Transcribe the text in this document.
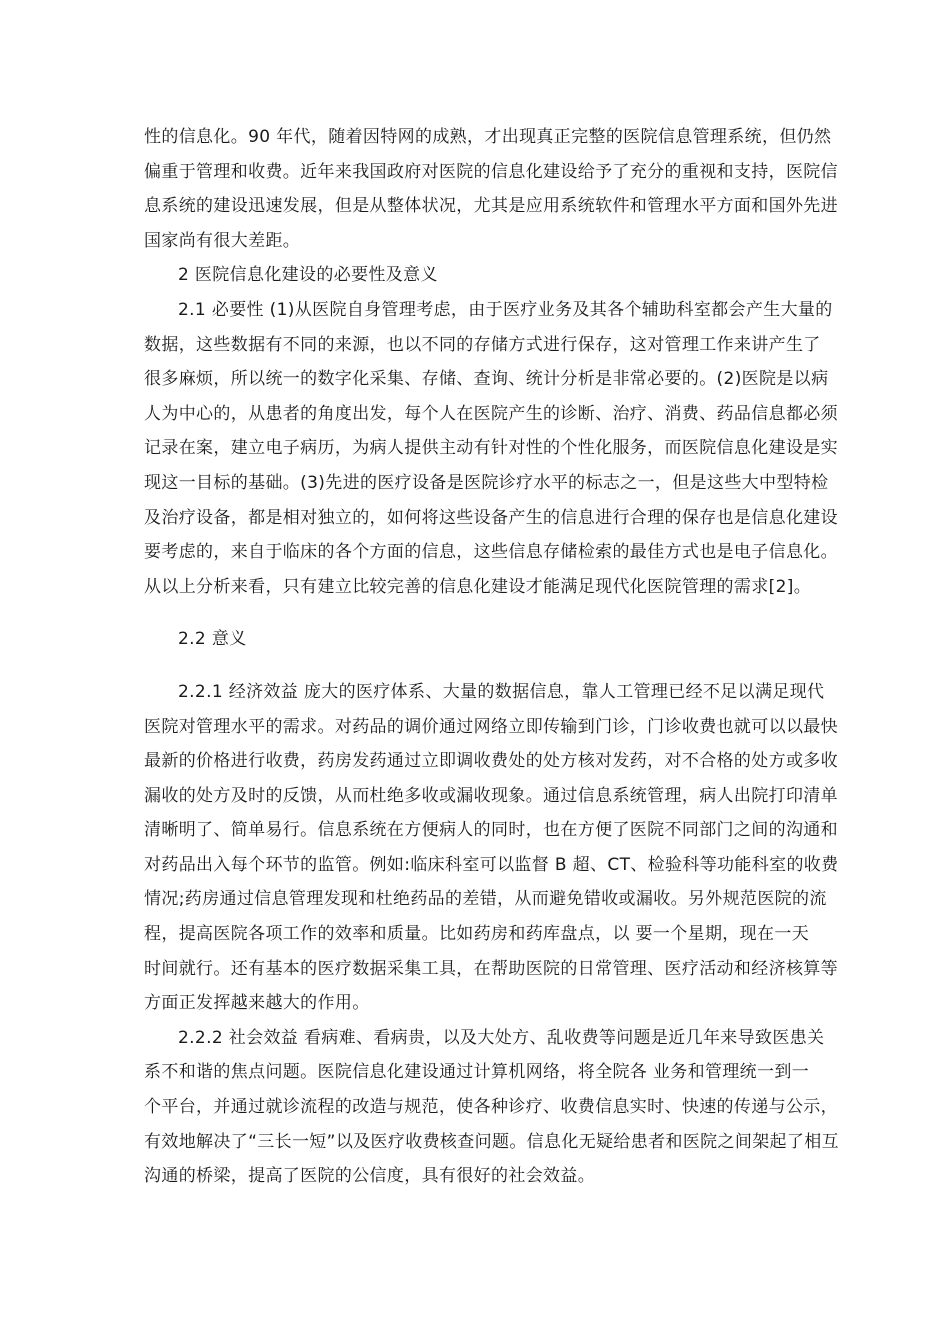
性的信息化。90 年代，随着因特网的成熟，才出现真正完整的医院信息管理系统，但仍然
偏重于管理和收费。近年来我国政府对医院的信息化建设给予了充分的重视和支持，医院信
息系统的建设迅速发展，但是从整体状况，尤其是应用系统软件和管理水平方面和国外先进
国家尚有很大差距。
2 医院信息化建设的必要性及意义
2.1 必要性 (1)从医院自身管理考虑，由于医疗业务及其各个辅助科室都会产生大量的
数据，这些数据有不同的来源，也以不同的存储方式进行保存，这对管理工作来讲产生了
很多麻烦，所以统一的数字化采集、存储、查询、统计分析是非常必要的。(2)医院是以病
人为中心的，从患者的角度出发，每个人在医院产生的诊断、治疗、消费、药品信息都必须
记录在案，建立电子病历，为病人提供主动有针对性的个性化服务，而医院信息化建设是实
现这一目标的基础。(3)先进的医疗设备是医院诊疗水平的标志之一，但是这些大中型特检
及治疗设备，都是相对独立的，如何将这些设备产生的信息进行合理的保存也是信息化建设
要考虑的，来自于临床的各个方面的信息，这些信息存储检索的最佳方式也是电子信息化。
从以上分析来看，只有建立比较完善的信息化建设才能满足现代化医院管理的需求[2]。
2.2 意义
2.2.1 经济效益 庞大的医疗体系、大量的数据信息，靠人工管理已经不足以满足现代
医院对管理水平的需求。对药品的调价通过网络立即传输到门诊，门诊收费也就可以以最快
最新的价格进行收费，药房发药通过立即调收费处的处方核对发药，对不合格的处方或多收
漏收的处方及时的反馈，从而杜绝多收或漏收现象。通过信息系统管理，病人出院打印清单
清晰明了、简单易行。信息系统在方便病人的同时，也在方便了医院不同部门之间的沟通和
对药品出入每个环节的监管。例如:临床科室可以监督 B 超、CT、检验科等功能科室的收费
情况;药房通过信息管理发现和杜绝药品的差错，从而避免错收或漏收。另外规范医院的流
程，提高医院各项工作的效率和质量。比如药房和药库盘点，以 要一个星期，现在一天
时间就行。还有基本的医疗数据采集工具，在帮助医院的日常管理、医疗活动和经济核算等
方面正发挥越来越大的作用。
2.2.2 社会效益 看病难、看病贵，以及大处方、乱收费等问题是近几年来导致医患关
系不和谐的焦点问题。医院信息化建设通过计算机网络，将全院各 业务和管理统一到一
个平台，并通过就诊流程的改造与规范，使各种诊疗、收费信息实时、快速的传递与公示，
有效地解决了“三长一短”以及医疗收费核查问题。信息化无疑给患者和医院之间架起了相互
沟通的桥梁，提高了医院的公信度，具有很好的社会效益。
